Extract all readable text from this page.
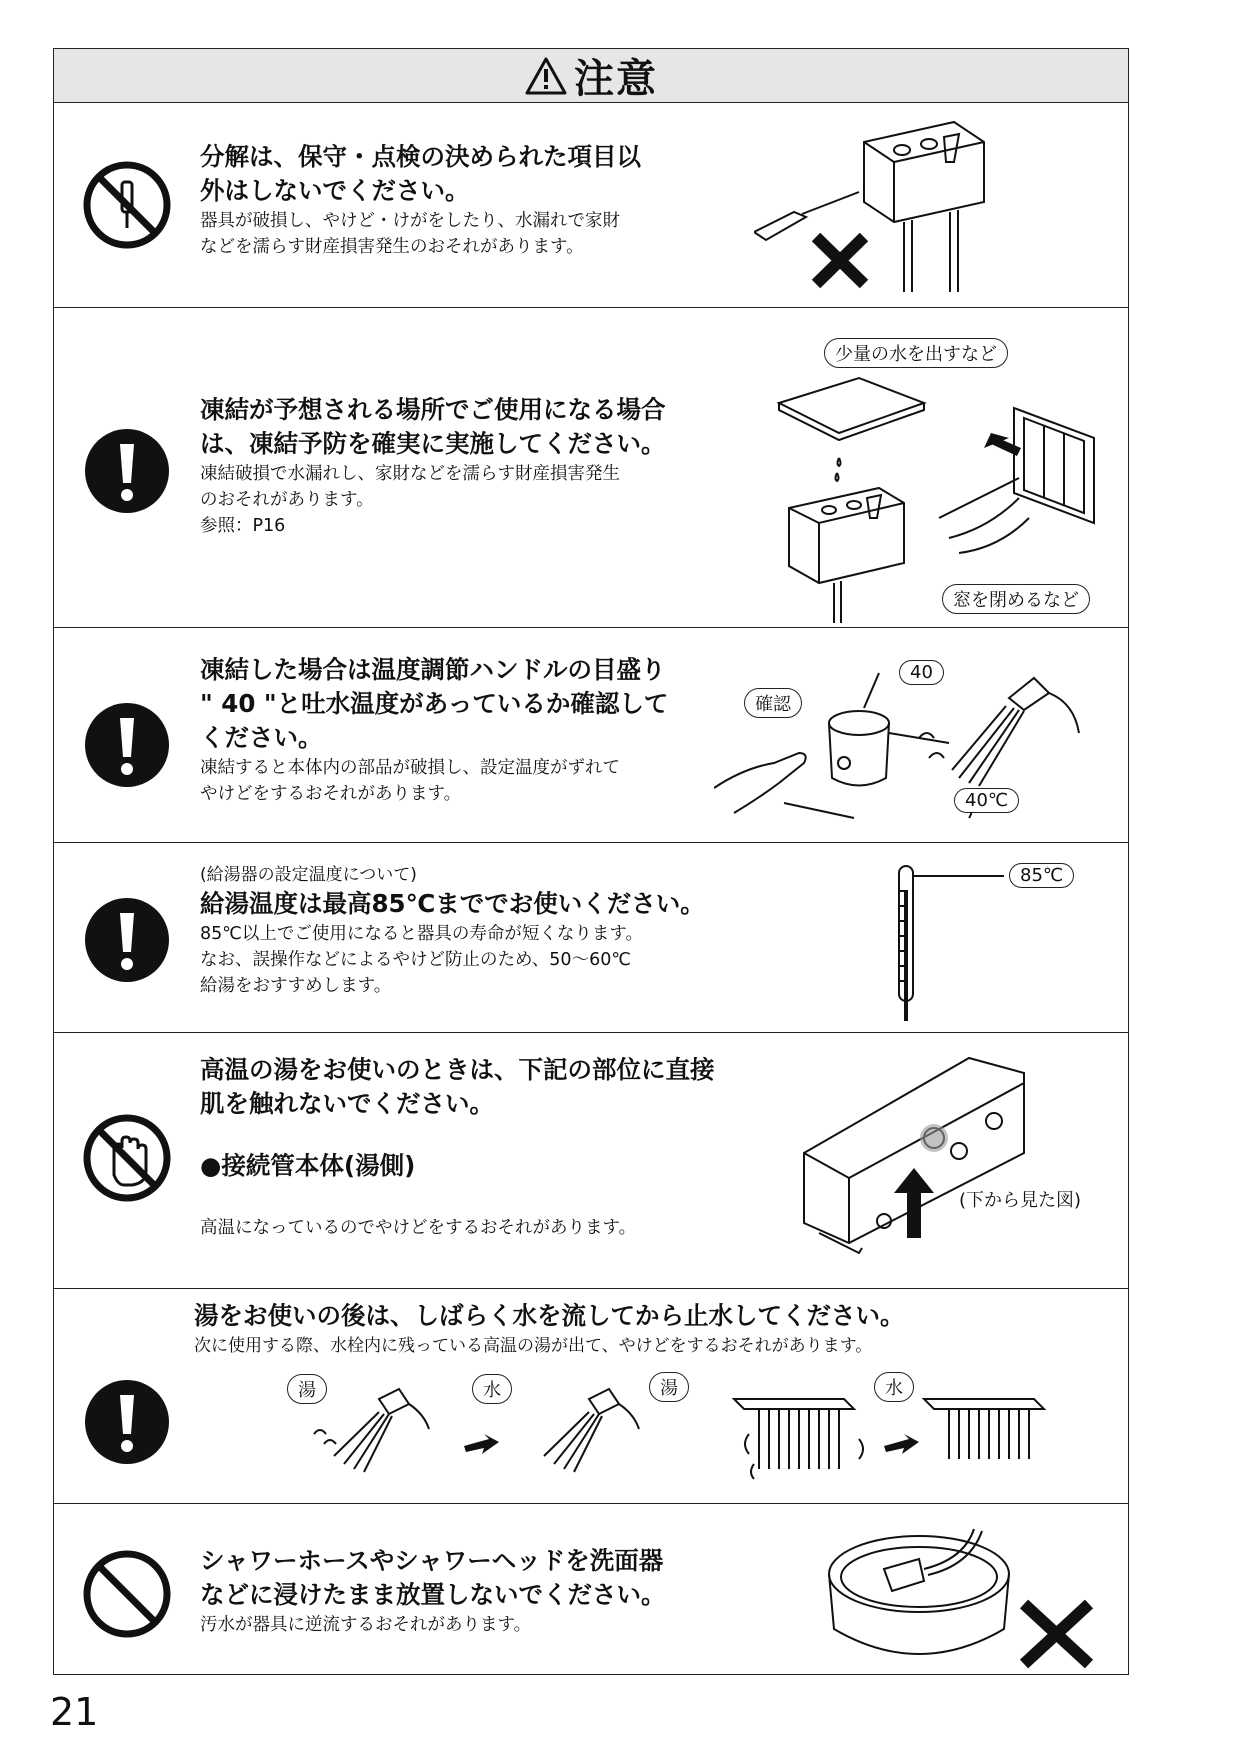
注意

分解は、保守・点検の決められた項目以

外はしないでください。

器具が破損し、やけど・けがをしたり、水漏れで家財

などを濡らす財産損害発生のおそれがあります。

凍結が予想される場所でご使用になる場合

は、凍結予防を確実に実施してください。

凍結破損で水漏れし、家財などを濡らす財産損害発生

のおそれがあります。

参照：P16

少量の水を出すなど
窓を閉めるなど

凍結した場合は温度調節ハンドルの目盛り

" 40 "と吐水温度があっているか確認して

ください。

凍結すると本体内の部品が破損し、設定温度がずれて

やけどをするおそれがあります。

確認
40
40℃

(給湯器の設定温度について)

給湯温度は最高85℃まででお使いください。

85℃以上でご使用になると器具の寿命が短くなります。

なお、誤操作などによるやけど防止のため、50～60℃

給湯をおすすめします。

85℃

高温の湯をお使いのときは、下記の部位に直接

肌を触れないでください。

●接続管本体(湯側)

高温になっているのでやけどをするおそれがあります。

(下から見た図)

湯をお使いの後は、しばらく水を流してから止水してください。

次に使用する際、水栓内に残っている高温の湯が出て、やけどをするおそれがあります。

湯	水	湯	水

シャワーホースやシャワーヘッドを洗面器

などに浸けたまま放置しないでください。

汚水が器具に逆流するおそれがあります。

21
